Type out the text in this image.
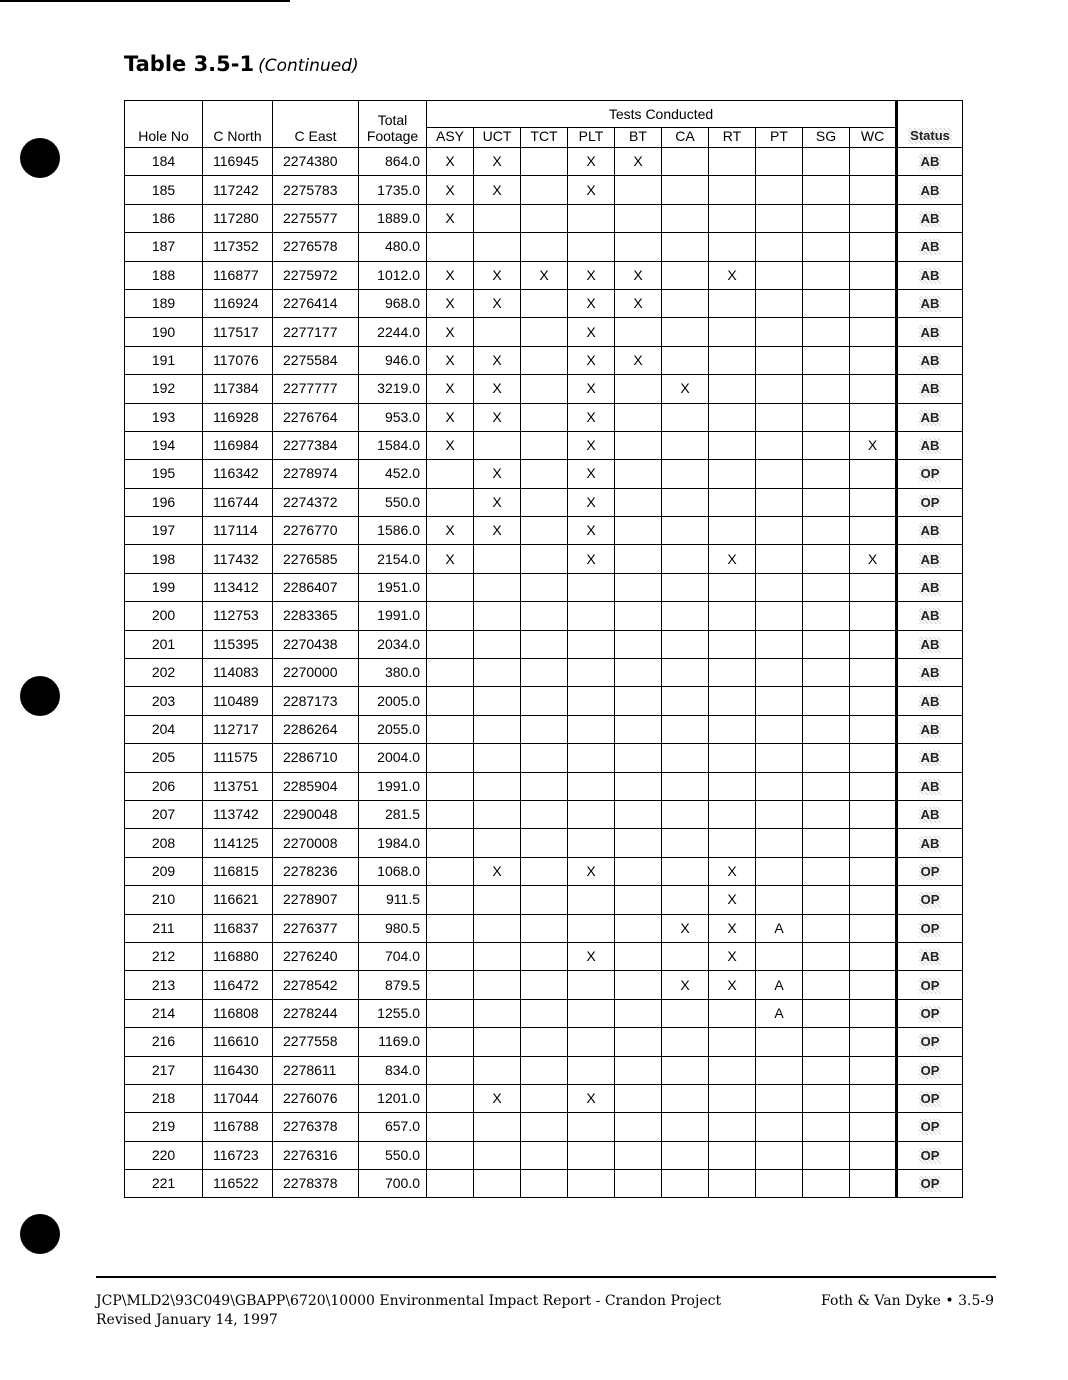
Table 3.5-1 (Continued)
Hole No	C North	C East	Total Footage	Tests Conducted										Status
				ASY	UCT	TCT	PLT	BT	CA	RT	PT	SG	WC	
184	116945	2274380	864.0	X	X		X	X						AB
185	117242	2275783	1735.0	X	X		X							AB
186	117280	2275577	1889.0	X										AB
187	117352	2276578	480.0											AB
188	116877	2275972	1012.0	X	X	X	X	X		X				AB
189	116924	2276414	968.0	X	X		X	X						AB
190	117517	2277177	2244.0	X			X							AB
191	117076	2275584	946.0	X	X		X	X						AB
192	117384	2277777	3219.0	X	X		X		X					AB
193	116928	2276764	953.0	X	X		X							AB
194	116984	2277384	1584.0	X			X						X	AB
195	116342	2278974	452.0		X		X							OP
196	116744	2274372	550.0		X		X							OP
197	117114	2276770	1586.0	X	X		X							AB
198	117432	2276585	2154.0	X			X			X			X	AB
199	113412	2286407	1951.0											AB
200	112753	2283365	1991.0											AB
201	115395	2270438	2034.0											AB
202	114083	2270000	380.0											AB
203	110489	2287173	2005.0											AB
204	112717	2286264	2055.0											AB
205	111575	2286710	2004.0											AB
206	113751	2285904	1991.0											AB
207	113742	2290048	281.5											AB
208	114125	2270008	1984.0											AB
209	116815	2278236	1068.0		X		X			X				OP
210	116621	2278907	911.5							X				OP
211	116837	2276377	980.5						X	X	A			OP
212	116880	2276240	704.0				X			X				AB
213	116472	2278542	879.5						X	X	A			OP
214	116808	2278244	1255.0								A			OP
216	116610	2277558	1169.0											OP
217	116430	2278611	834.0											OP
218	117044	2276076	1201.0		X		X							OP
219	116788	2276378	657.0											OP
220	116723	2276316	550.0											OP
221	116522	2278378	700.0											OP
JCP\MLD2\93C049\GBAPP\6720\10000 Environmental Impact Report - Crandon Project
Revised January 14, 1997
Foth & Van Dyke • 3.5-9
